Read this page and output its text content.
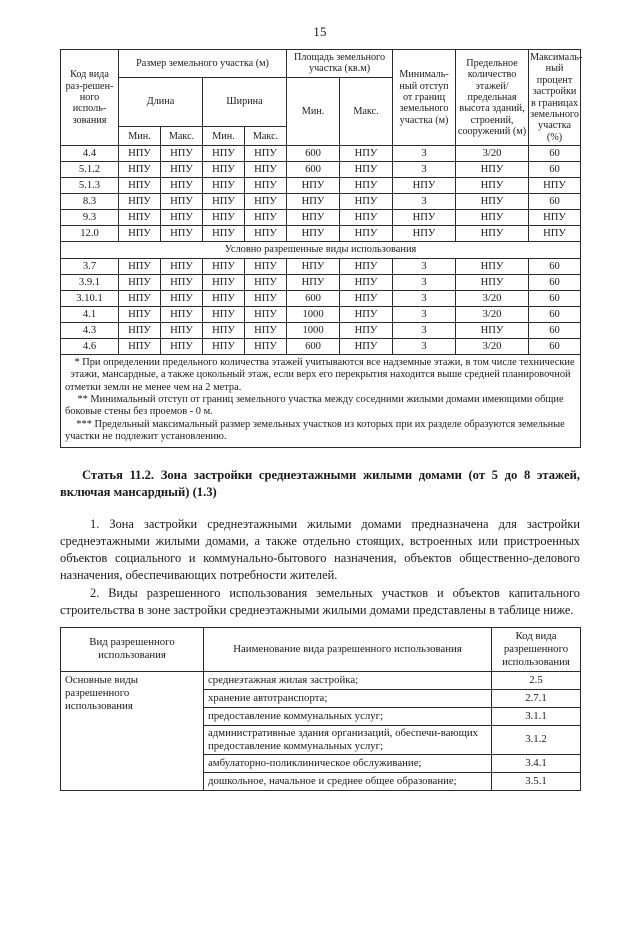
15
Код вида раз-решен-ного исполь-зования	Размер земельного участка (м)				Площадь земельного участка (кв.м)		Минималь-ный отступ от границ земельного участка (м)	Предельное количество этажей/ предельная высота зданий, строений, сооружений (м)	Максималь-ный процент застройки в границах земельного участка (%)
	Длина		Ширина		Мин.	Макс.			
	Мин.	Макс.	Мин.	Макс.					
4.4	НПУ	НПУ	НПУ	НПУ	600	НПУ	3	3/20	60
5.1.2	НПУ	НПУ	НПУ	НПУ	600	НПУ	3	НПУ	60
5.1.3	НПУ	НПУ	НПУ	НПУ	НПУ	НПУ	НПУ	НПУ	НПУ
8.3	НПУ	НПУ	НПУ	НПУ	НПУ	НПУ	3	НПУ	60
9.3	НПУ	НПУ	НПУ	НПУ	НПУ	НПУ	НПУ	НПУ	НПУ
12.0	НПУ	НПУ	НПУ	НПУ	НПУ	НПУ	НПУ	НПУ	НПУ
Условно разрешенные виды использования									
3.7	НПУ	НПУ	НПУ	НПУ	НПУ	НПУ	3	НПУ	60
3.9.1	НПУ	НПУ	НПУ	НПУ	НПУ	НПУ	3	НПУ	60
3.10.1	НПУ	НПУ	НПУ	НПУ	600	НПУ	3	3/20	60
4.1	НПУ	НПУ	НПУ	НПУ	1000	НПУ	3	3/20	60
4.3	НПУ	НПУ	НПУ	НПУ	1000	НПУ	3	НПУ	60
4.6	НПУ	НПУ	НПУ	НПУ	600	НПУ	3	3/20	60

* При определении предельного количества этажей учитываются все надземные этажи, в том числе технические этажи, мансардные, а также цокольный этаж, если верх его перекрытия находится выше средней планировочной отметки земли не менее чем на 2 метра.

** Минимальный отступ от границ земельного участка между соседними жилыми домами имеющими общие боковые стены без проемов - 0 м.

*** Предельный максимальный размер земельных участков из которых при их разделе образуются земельные участки не подлежит установлению.									

Статья 11.2. Зона застройки среднеэтажными жилыми домами (от 5 до 8 этажей, включая мансардный) (1.3)

1. Зона застройки среднеэтажными жилыми домами предназначена для застройки среднеэтажными жилыми домами, а также отдельно стоящих, встроенных или пристроенных объектов социального и коммунально-бытового назначения, объектов общественно-делового назначения, обеспечивающих потребности жителей.

2. Виды разрешенного использования земельных участков и объектов капитального строительства в зоне застройки среднеэтажными жилыми домами представлены в таблице ниже.

Вид разрешенного использования	Наименование вида разрешенного использования	Код вида разрешенного использования
Основные виды разрешенного использования	среднеэтажная жилая застройка;	2.5
	хранение автотранспорта;	2.7.1
	предоставление коммунальных услуг;	3.1.1
	административные здания организаций, обеспечи-вающих предоставление коммунальных услуг;	3.1.2
	амбулаторно-поликлиническое обслуживание;	3.4.1
	дошкольное, начальное и среднее общее образование;	3.5.1
